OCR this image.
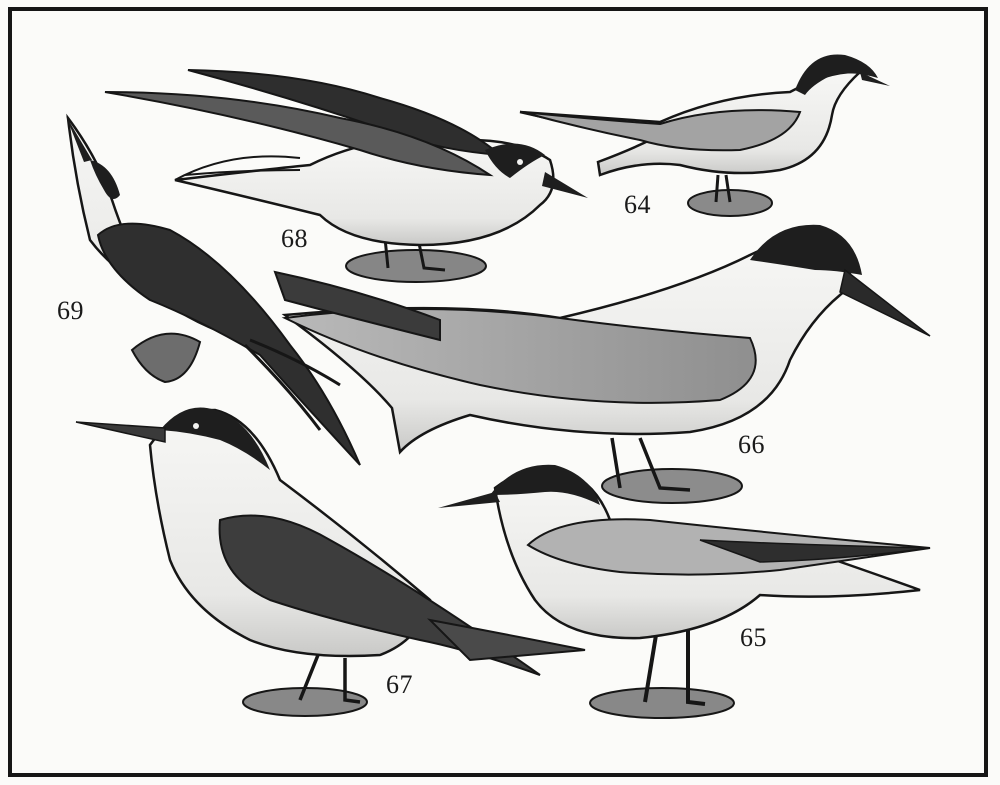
64
65
66
67
68
69
